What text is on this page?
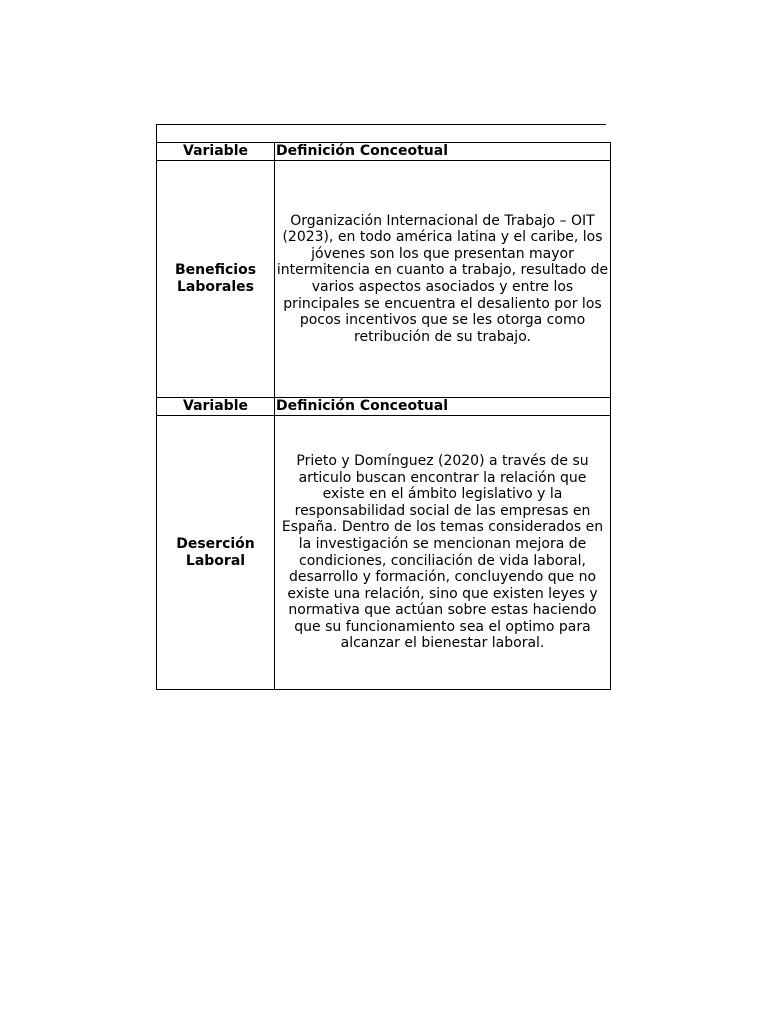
Variable	Definición Conceotual
Beneficios Laborales	Organización Internacional de Trabajo – OIT (2023), en todo américa latina y el caribe, los jóvenes son los que presentan mayor intermitencia en cuanto a trabajo, resultado de varios aspectos asociados y entre los principales se encuentra el desaliento por los pocos incentivos que se les otorga como retribución de su trabajo.
Variable	Definición Conceotual
Deserción Laboral	Prieto y Domínguez (2020) a través de su articulo buscan encontrar la relación que existe en el ámbito legislativo y la responsabilidad social de las empresas en España. Dentro de los temas considerados en la investigación se mencionan mejora de condiciones, conciliación de vida laboral, desarrollo y formación, concluyendo que no existe una relación, sino que existen leyes y normativa que actúan sobre estas haciendo que su funcionamiento sea el optimo para alcanzar el bienestar laboral.
